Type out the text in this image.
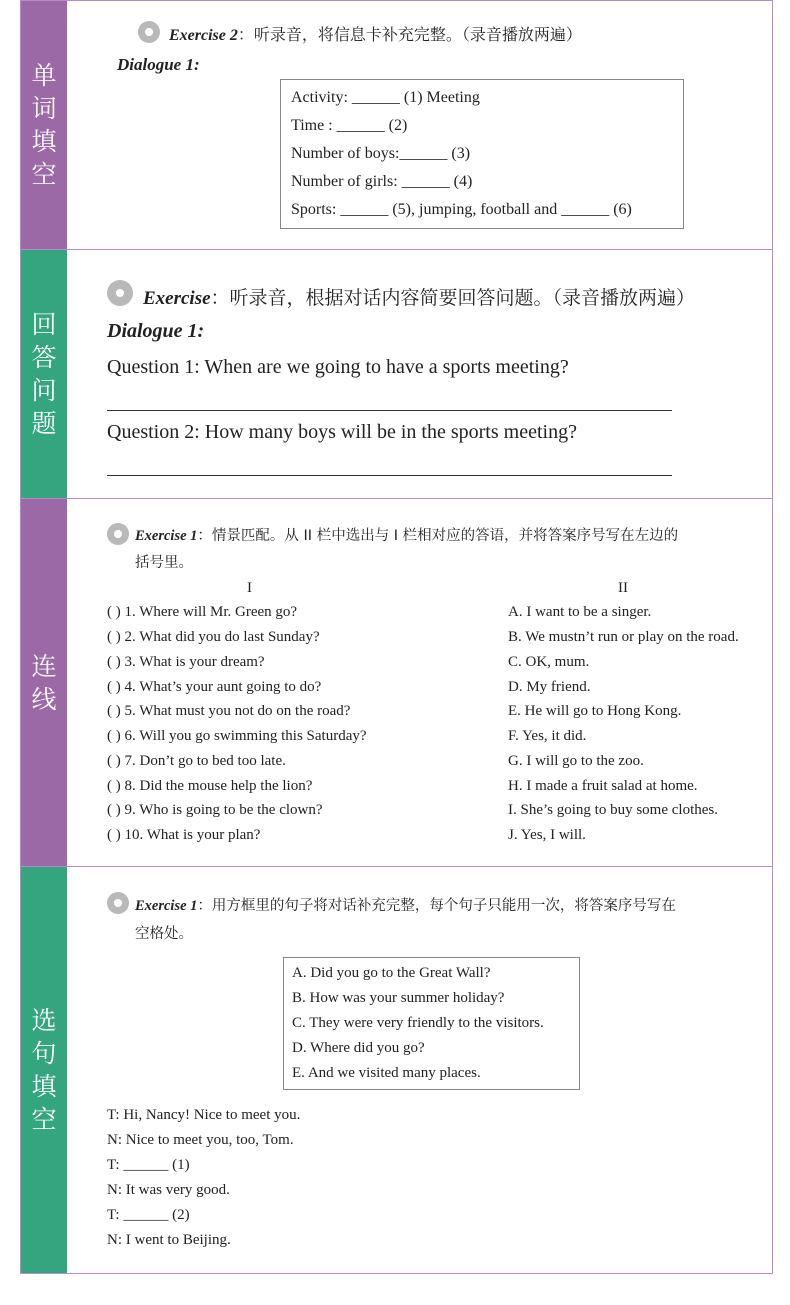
单
词
填
空
Exercise 2：听录音，将信息卡补充完整。（录音播放两遍）
Dialogue 1:
Activity: ______ (1) Meeting
Time : ______ (2)
Number of boys:______ (3)
Number of girls: ______ (4)
Sports: ______ (5), jumping, football and ______ (6)
回
答
问
题
Exercise：听录音，根据对话内容简要回答问题。（录音播放两遍）
Dialogue 1:
Question 1: When are we going to have a sports meeting?
Question 2: How many boys will be in the sports meeting?
连
线
Exercise 1：情景匹配。从 II 栏中选出与 I 栏相对应的答语，并将答案序号写在左边的
括号里。
I	II
( ) 1. Where will Mr. Green go?
( ) 2. What did you do last Sunday?
( ) 3. What is your dream?
( ) 4. What’s your aunt going to do?
( ) 5. What must you not do on the road?
( ) 6. Will you go swimming this Saturday?
( ) 7. Don’t go to bed too late.
( ) 8. Did the mouse help the lion?
( ) 9. Who is going to be the clown?
( ) 10. What is your plan?
A. I want to be a singer.
B. We mustn’t run or play on the road.
C. OK, mum.
D. My friend.
E. He will go to Hong Kong.
F. Yes, it did.
G. I will go to the zoo.
H. I made a fruit salad at home.
I. She’s going to buy some clothes.
J. Yes, I will.
选
句
填
空
Exercise 1：用方框里的句子将对话补充完整，每个句子只能用一次，将答案序号写在
空格处。
A. Did you go to the Great Wall?
B. How was your summer holiday?
C. They were very friendly to the visitors.
D. Where did you go?
E. And we visited many places.
T: Hi, Nancy! Nice to meet you.
N: Nice to meet you, too, Tom.
T: ______ (1)
N: It was very good.
T: ______ (2)
N: I went to Beijing.
